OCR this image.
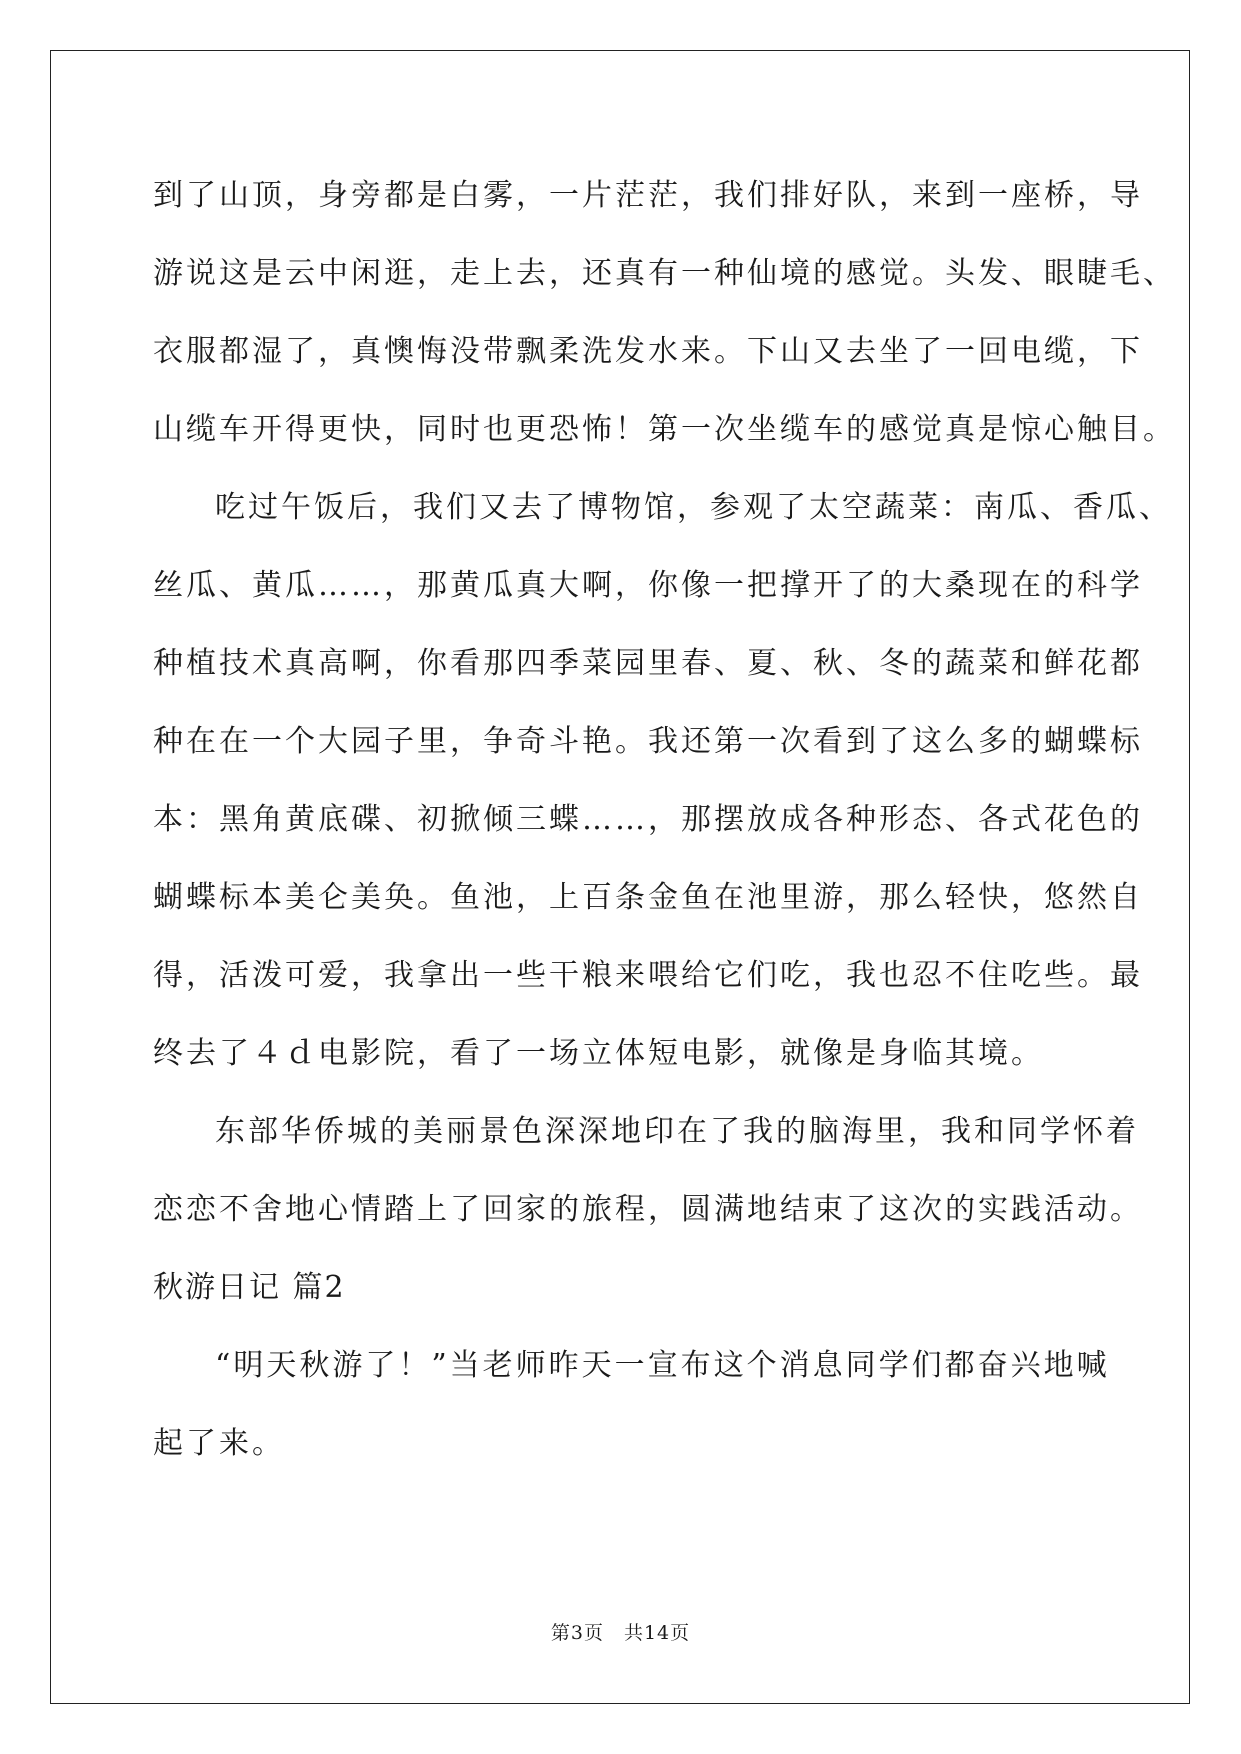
到了山顶，身旁都是白雾，一片茫茫，我们排好队，来到一座桥，导
游说这是云中闲逛，走上去，还真有一种仙境的感觉。头发、眼睫毛、
衣服都湿了，真懊悔没带飘柔洗发水来。下山又去坐了一回电缆，下
山缆车开得更快，同时也更恐怖！第一次坐缆车的感觉真是惊心触目。
吃过午饭后，我们又去了博物馆，参观了太空蔬菜：南瓜、香瓜、
丝瓜、黄瓜……，那黄瓜真大啊，你像一把撑开了的大桑现在的科学
种植技术真高啊，你看那四季菜园里春、夏、秋、冬的蔬菜和鲜花都
种在在一个大园子里，争奇斗艳。我还第一次看到了这么多的蝴蝶标
本：黑角黄底碟、初掀倾三蝶……，那摆放成各种形态、各式花色的
蝴蝶标本美仑美奂。鱼池，上百条金鱼在池里游，那么轻快，悠然自
得，活泼可爱，我拿出一些干粮来喂给它们吃，我也忍不住吃些。最
终去了４ｄ电影院，看了一场立体短电影，就像是身临其境。
东部华侨城的美丽景色深深地印在了我的脑海里，我和同学怀着
恋恋不舍地心情踏上了回家的旅程，圆满地结束了这次的实践活动。
秋游日记 篇2
“明天秋游了！”当老师昨天一宣布这个消息同学们都奋兴地喊
起了来。
第3页 共14页
